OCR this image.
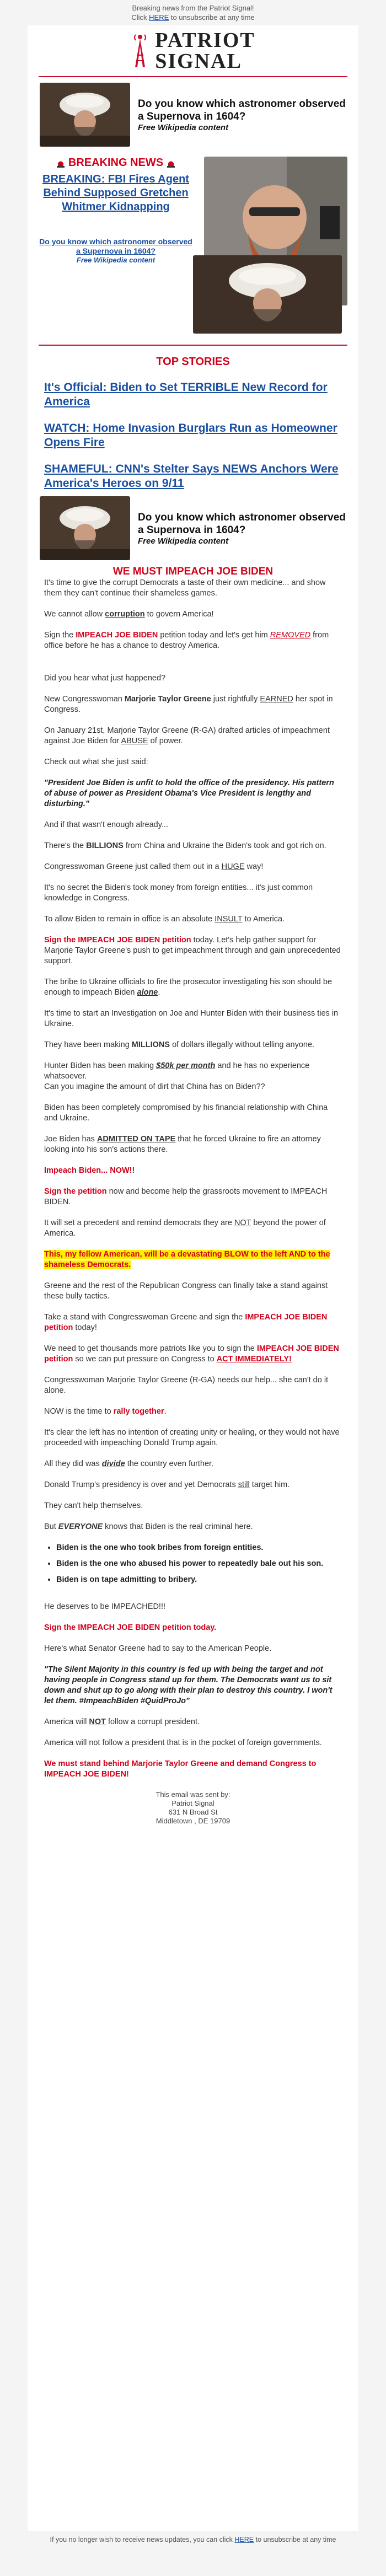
Breaking news from the Patriot Signal!
Click HERE to unsubscribe at any time
PATRIOT
SIGNAL
Do you know which astronomer observed a Supernova in 1604?
Free Wikipedia content
BREAKING NEWS
BREAKING: FBI Fires Agent Behind Supposed Gretchen Whitmer Kidnapping
Do you know which astronomer observed a Supernova in 1604?
Free Wikipedia content
TOP STORIES
It's Official: Biden to Set TERRIBLE New Record for America
WATCH: Home Invasion Burglars Run as Homeowner Opens Fire
SHAMEFUL: CNN's Stelter Says NEWS Anchors Were America's Heroes on 9/11
Do you know which astronomer observed a Supernova in 1604?
Free Wikipedia content
WE MUST IMPEACH JOE BIDEN

It's time to give the corrupt Democrats a taste of their own medicine... and show them they can't continue their shameless games.

We cannot allow corruption to govern America!

Sign the IMPEACH JOE BIDEN petition today and let's get him REMOVED from office before he has a chance to destroy America.

Did you hear what just happened?

New Congresswoman Marjorie Taylor Greene just rightfully EARNED her spot in Congress.

On January 21st, Marjorie Taylor Greene (R-GA) drafted articles of impeachment against Joe Biden for ABUSE of power.

Check out what she just said:

"President Joe Biden is unfit to hold the office of the presidency. His pattern of abuse of power as President Obama's Vice President is lengthy and disturbing."

And if that wasn't enough already...

There's the BILLIONS from China and Ukraine the Biden's took and got rich on.

Congresswoman Greene just called them out in a HUGE way!

It's no secret the Biden's took money from foreign entities... it's just common knowledge in Congress.

To allow Biden to remain in office is an absolute INSULT to America.

Sign the IMPEACH JOE BIDEN petition today. Let's help gather support for Marjorie Taylor Greene's push to get impeachment through and gain unprecedented support.

The bribe to Ukraine officials to fire the prosecutor investigating his son should be enough to impeach Biden alone.

It's time to start an Investigation on Joe and Hunter Biden with their business ties in Ukraine.

They have been making MILLIONS of dollars illegally without telling anyone.

Hunter Biden has been making $50k per month and he has no experience whatsoever.
Can you imagine the amount of dirt that China has on Biden??

Biden has been completely compromised by his financial relationship with China and Ukraine.

Joe Biden has ADMITTED ON TAPE that he forced Ukraine to fire an attorney looking into his son's actions there.

Impeach Biden... NOW!!

Sign the petition now and become help the grassroots movement to IMPEACH BIDEN.

It will set a precedent and remind democrats they are NOT beyond the power of America.

This, my fellow American, will be a devastating BLOW to the left AND to the shameless Democrats.

Greene and the rest of the Republican Congress can finally take a stand against these bully tactics.

Take a stand with Congresswoman Greene and sign the IMPEACH JOE BIDEN petition today!

We need to get thousands more patriots like you to sign the IMPEACH JOE BIDEN petition so we can put pressure on Congress to ACT IMMEDIATELY!

Congresswoman Marjorie Taylor Greene (R-GA) needs our help... she can't do it alone.

NOW is the time to rally together.

It's clear the left has no intention of creating unity or healing, or they would not have proceeded with impeaching Donald Trump again.

All they did was divide the country even further.

Donald Trump's presidency is over and yet Democrats still target him.

They can't help themselves.

But EVERYONE knows that Biden is the real criminal here.

• Biden is the one who took bribes from foreign entities.
• Biden is the one who abused his power to repeatedly bale out his son.
• Biden is on tape admitting to bribery.

He deserves to be IMPEACHED!!!

Sign the IMPEACH JOE BIDEN petition today.

Here's what Senator Greene had to say to the American People.

"The Silent Majority in this country is fed up with being the target and not having people in Congress stand up for them. The Democrats want us to sit down and shut up to go along with their plan to destroy this country. I won't let them. #ImpeachBiden #QuidProJo"

America will NOT follow a corrupt president.

America will not follow a president that is in the pocket of foreign governments.

We must stand behind Marjorie Taylor Greene and demand Congress to IMPEACH JOE BIDEN!

This email was sent by:
Patriot Signal
631 N Broad St
Middletown , DE 19709
If you no longer wish to receive news updates, you can click HERE to unsubscribe at any time
